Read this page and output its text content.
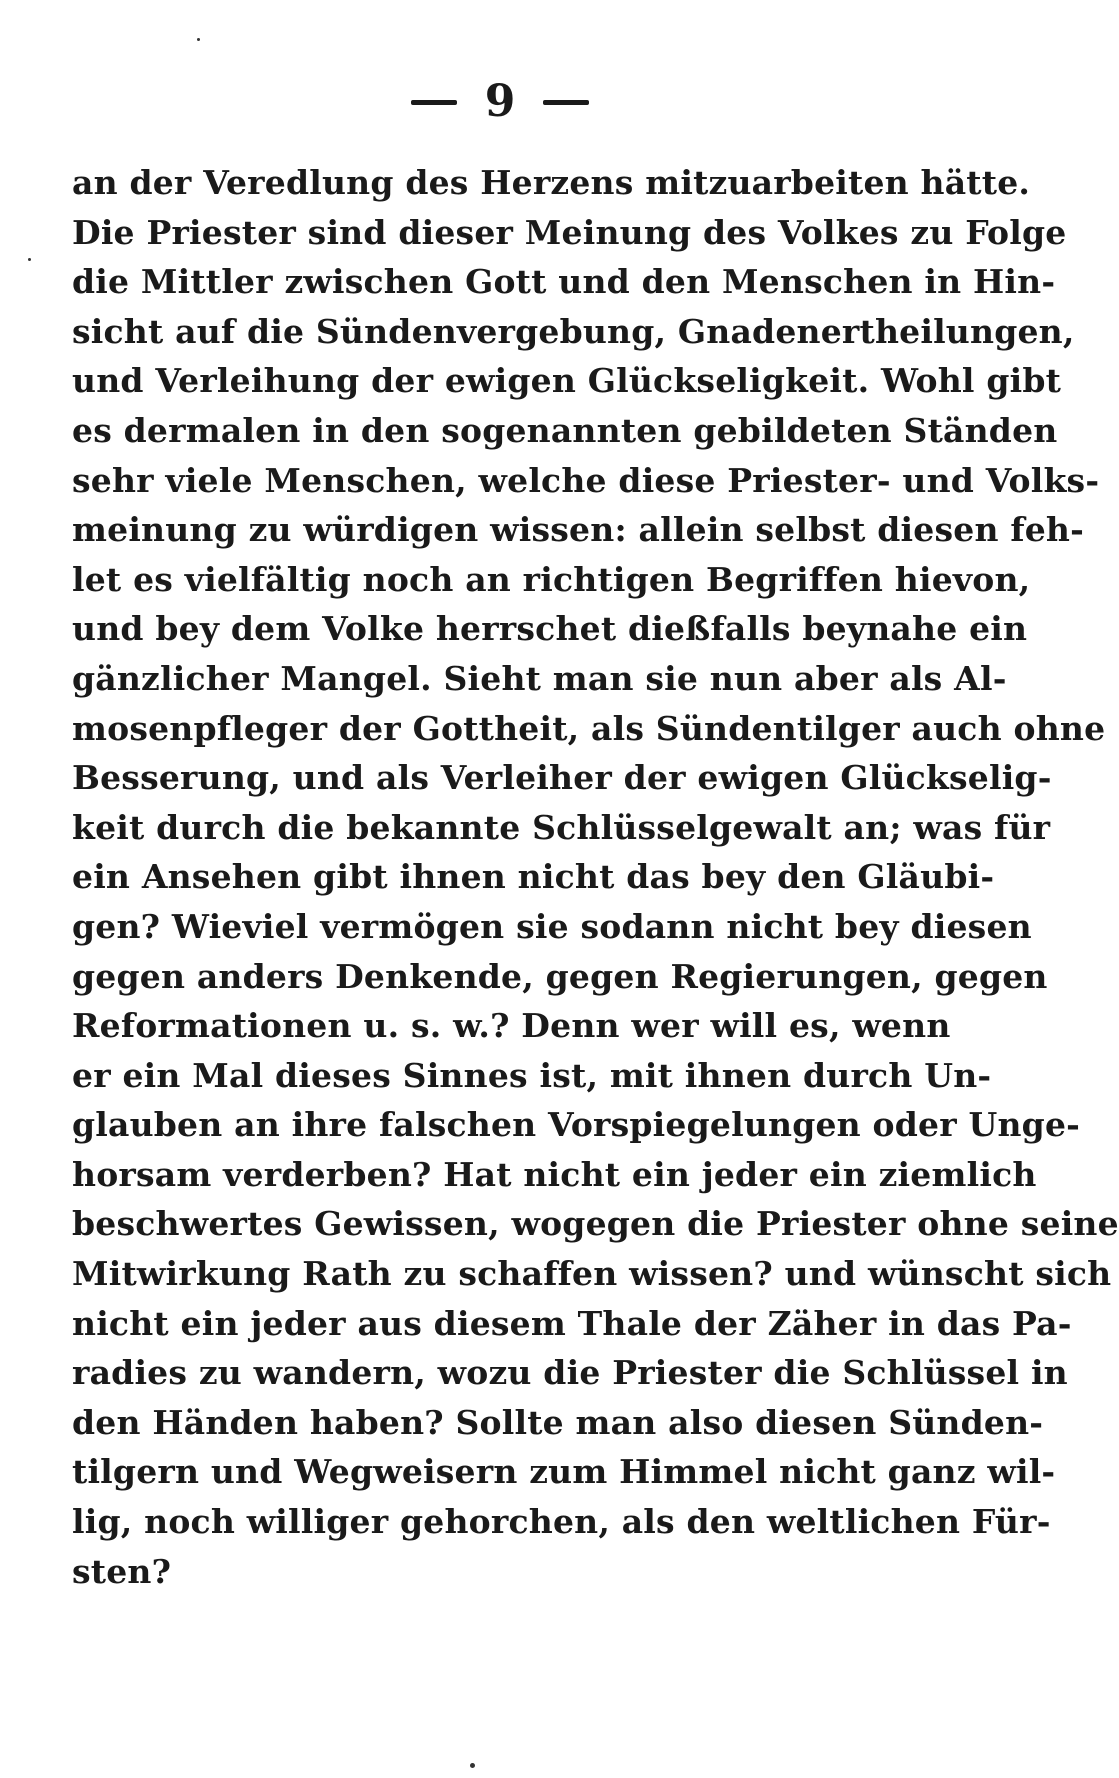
9
an der Veredlung des Herzens mitzuarbeiten hätte.
Die Priester sind dieser Meinung des Volkes zu Folge
die Mittler zwischen Gott und den Menschen in Hin-
sicht auf die Sündenvergebung, Gnadenertheilungen,
und Verleihung der ewigen Glückseligkeit. Wohl gibt
es dermalen in den sogenannten gebildeten Ständen
sehr viele Menschen, welche diese Priester- und Volks-
meinung zu würdigen wissen: allein selbst diesen feh-
let es vielfältig noch an richtigen Begriffen hievon,
und bey dem Volke herrschet dießfalls beynahe ein
gänzlicher Mangel. Sieht man sie nun aber als Al-
mosenpfleger der Gottheit, als Sündentilger auch ohne
Besserung, und als Verleiher der ewigen Glückselig-
keit durch die bekannte Schlüsselgewalt an; was für
ein Ansehen gibt ihnen nicht das bey den Gläubi-
gen? Wieviel vermögen sie sodann nicht bey diesen
gegen anders Denkende, gegen Regierungen, gegen
Reformationen u. s. w.? Denn wer will es, wenn
er ein Mal dieses Sinnes ist, mit ihnen durch Un-
glauben an ihre falschen Vorspiegelungen oder Unge-
horsam verderben? Hat nicht ein jeder ein ziemlich
beschwertes Gewissen, wogegen die Priester ohne seine
Mitwirkung Rath zu schaffen wissen? und wünscht sich
nicht ein jeder aus diesem Thale der Zäher in das Pa-
radies zu wandern, wozu die Priester die Schlüssel in
den Händen haben? Sollte man also diesen Sünden-
tilgern und Wegweisern zum Himmel nicht ganz wil-
lig, noch williger gehorchen, als den weltlichen Für-
sten?
